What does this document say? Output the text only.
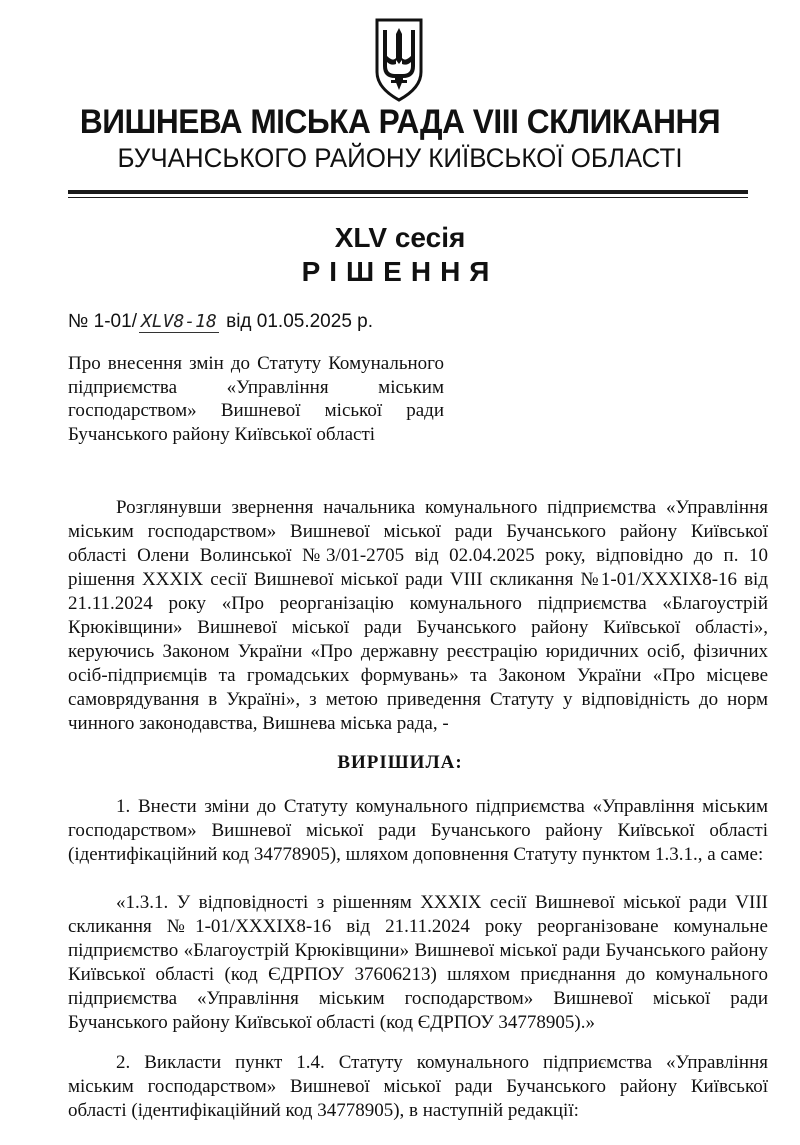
ВИШНЕВА МІСЬКА РАДА VIII СКЛИКАННЯ
БУЧАНСЬКОГО РАЙОНУ КИЇВСЬКОЇ ОБЛАСТІ
XLV сесія
РІШЕННЯ
№ 1-01/ XLV8-18 від 01.05.2025 р.
Про внесення змін до Статуту Комунального підприємства «Управління міським господарством» Вишневої міської ради Бучанського району Київської області
Розглянувши звернення начальника комунального підприємства «Управління міським господарством» Вишневої міської ради Бучанського району Київської області Олени Волинської №3/01-2705 від 02.04.2025 року, відповідно до п. 10 рішення XXXIX сесії Вишневої міської ради VIII скликання №1-01/XXXIX8-16 від 21.11.2024 року «Про реорганізацію комунального підприємства «Благоустрій Крюківщини» Вишневої міської ради Бучанського району Київської області», керуючись Законом України «Про державну реєстрацію юридичних осіб, фізичних осіб-підприємців та громадських формувань» та Законом України «Про місцеве самоврядування в Україні», з метою приведення Статуту у відповідність до норм чинного законодавства, Вишнева міська рада, -
ВИРІШИЛА:
1. Внести зміни до Статуту комунального підприємства «Управління міським господарством» Вишневої міської ради Бучанського району Київської області (ідентифікаційний код 34778905), шляхом доповнення Статуту пунктом 1.3.1., а саме:
«1.3.1. У відповідності з рішенням XXXIX сесії Вишневої міської ради VIII скликання №1-01/XXXIX8-16 від 21.11.2024 року реорганізоване комунальне підприємство «Благоустрій Крюківщини» Вишневої міської ради Бучанського району Київської області (код ЄДРПОУ 37606213) шляхом приєднання до комунального підприємства «Управління міським господарством» Вишневої міської ради Бучанського району Київської області (код ЄДРПОУ 34778905).»
2. Викласти пункт 1.4. Статуту комунального підприємства «Управління міським господарством» Вишневої міської ради Бучанського району Київської області (ідентифікаційний код 34778905), в наступній редакції:
